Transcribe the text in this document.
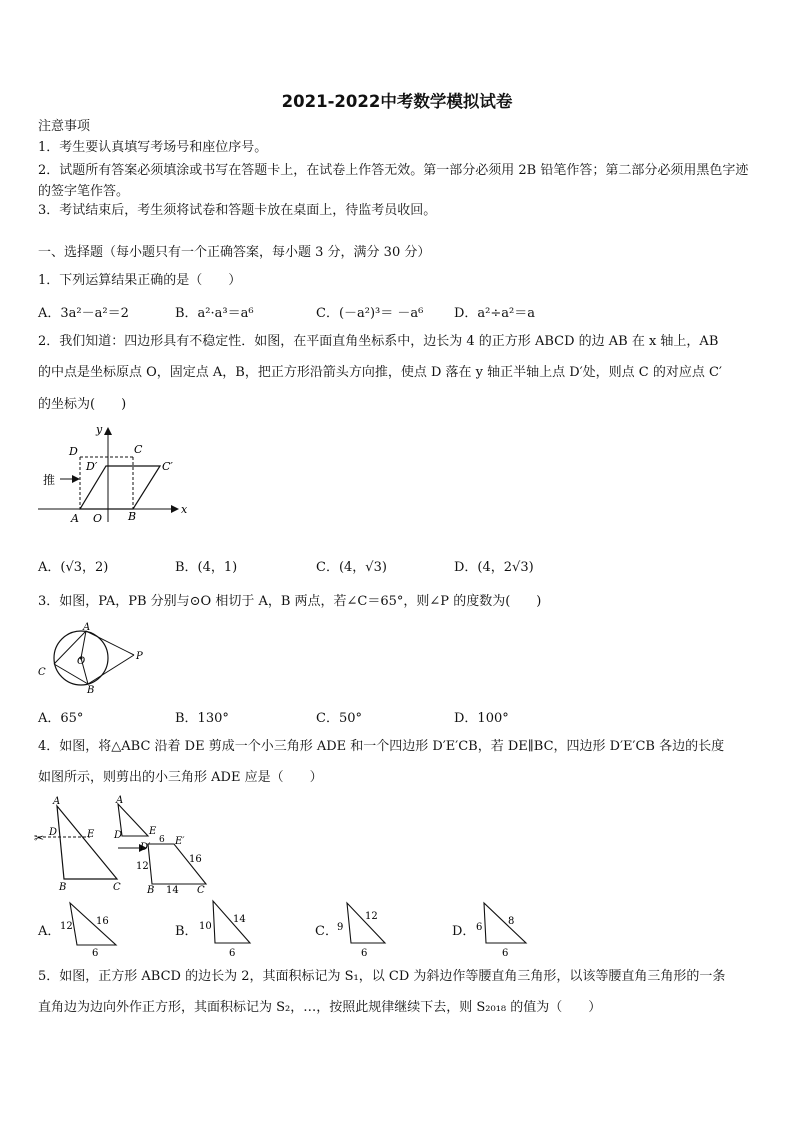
2021-2022中考数学模拟试卷
注意事项
1．考生要认真填写考场号和座位序号。
2．试题所有答案必须填涂或书写在答题卡上，在试卷上作答无效。第一部分必须用 2B 铅笔作答；第二部分必须用黑色字迹的签字笔作答。
3．考试结束后，考生须将试卷和答题卡放在桌面上，待监考员收回。
一、选择题（每小题只有一个正确答案，每小题 3 分，满分 30 分）
1．下列运算结果正确的是（　　）
A．3a²－a²＝2	B．a²·a³＝a⁶	C．(－a²)³＝ －a⁶ D．a²÷a²＝a
2．我们知道：四边形具有不稳定性．如图，在平面直角坐标系中，边长为 4 的正方形 ABCD 的边 AB 在 x 轴上，AB
的中点是坐标原点 O，固定点 A，B，把正方形沿箭头方向推，使点 D 落在 y 轴正半轴上点 D′处，则点 C 的对应点 C′
的坐标为(　　)
推
x
y
D	C
D′	C′
A O B
A．(√3，2)	B．(4，1)	C．(4，√3)	D．(4，2√3)
3．如图，PA，PB 分别与⊙O 相切于 A，B 两点，若∠C＝65°，则∠P 的度数为(　　)
A
O
C
B
P
A．65°	B．130°	C．50°	D．100°
4．如图，将△ABC 沿着 DE 剪成一个小三角形 ADE 和一个四边形 D′E′CB，若 DE∥BC，四边形 D′E′CB 各边的长度
如图所示，则剪出的小三角形 ADE 应是（　　）
✂
A
D	E
B	C
A
D	E
D′
E′
6
12
16
14
B	C
A． 12 16
6
B． 10
14
6
C． 9
12
6
D． 6
8
6
5．如图，正方形 ABCD 的边长为 2，其面积标记为 S₁，以 CD 为斜边作等腰直角三角形，以该等腰直角三角形的一条
直角边为边向外作正方形，其面积标记为 S₂，…，按照此规律继续下去，则 S₂₀₁₈ 的值为（　　）
